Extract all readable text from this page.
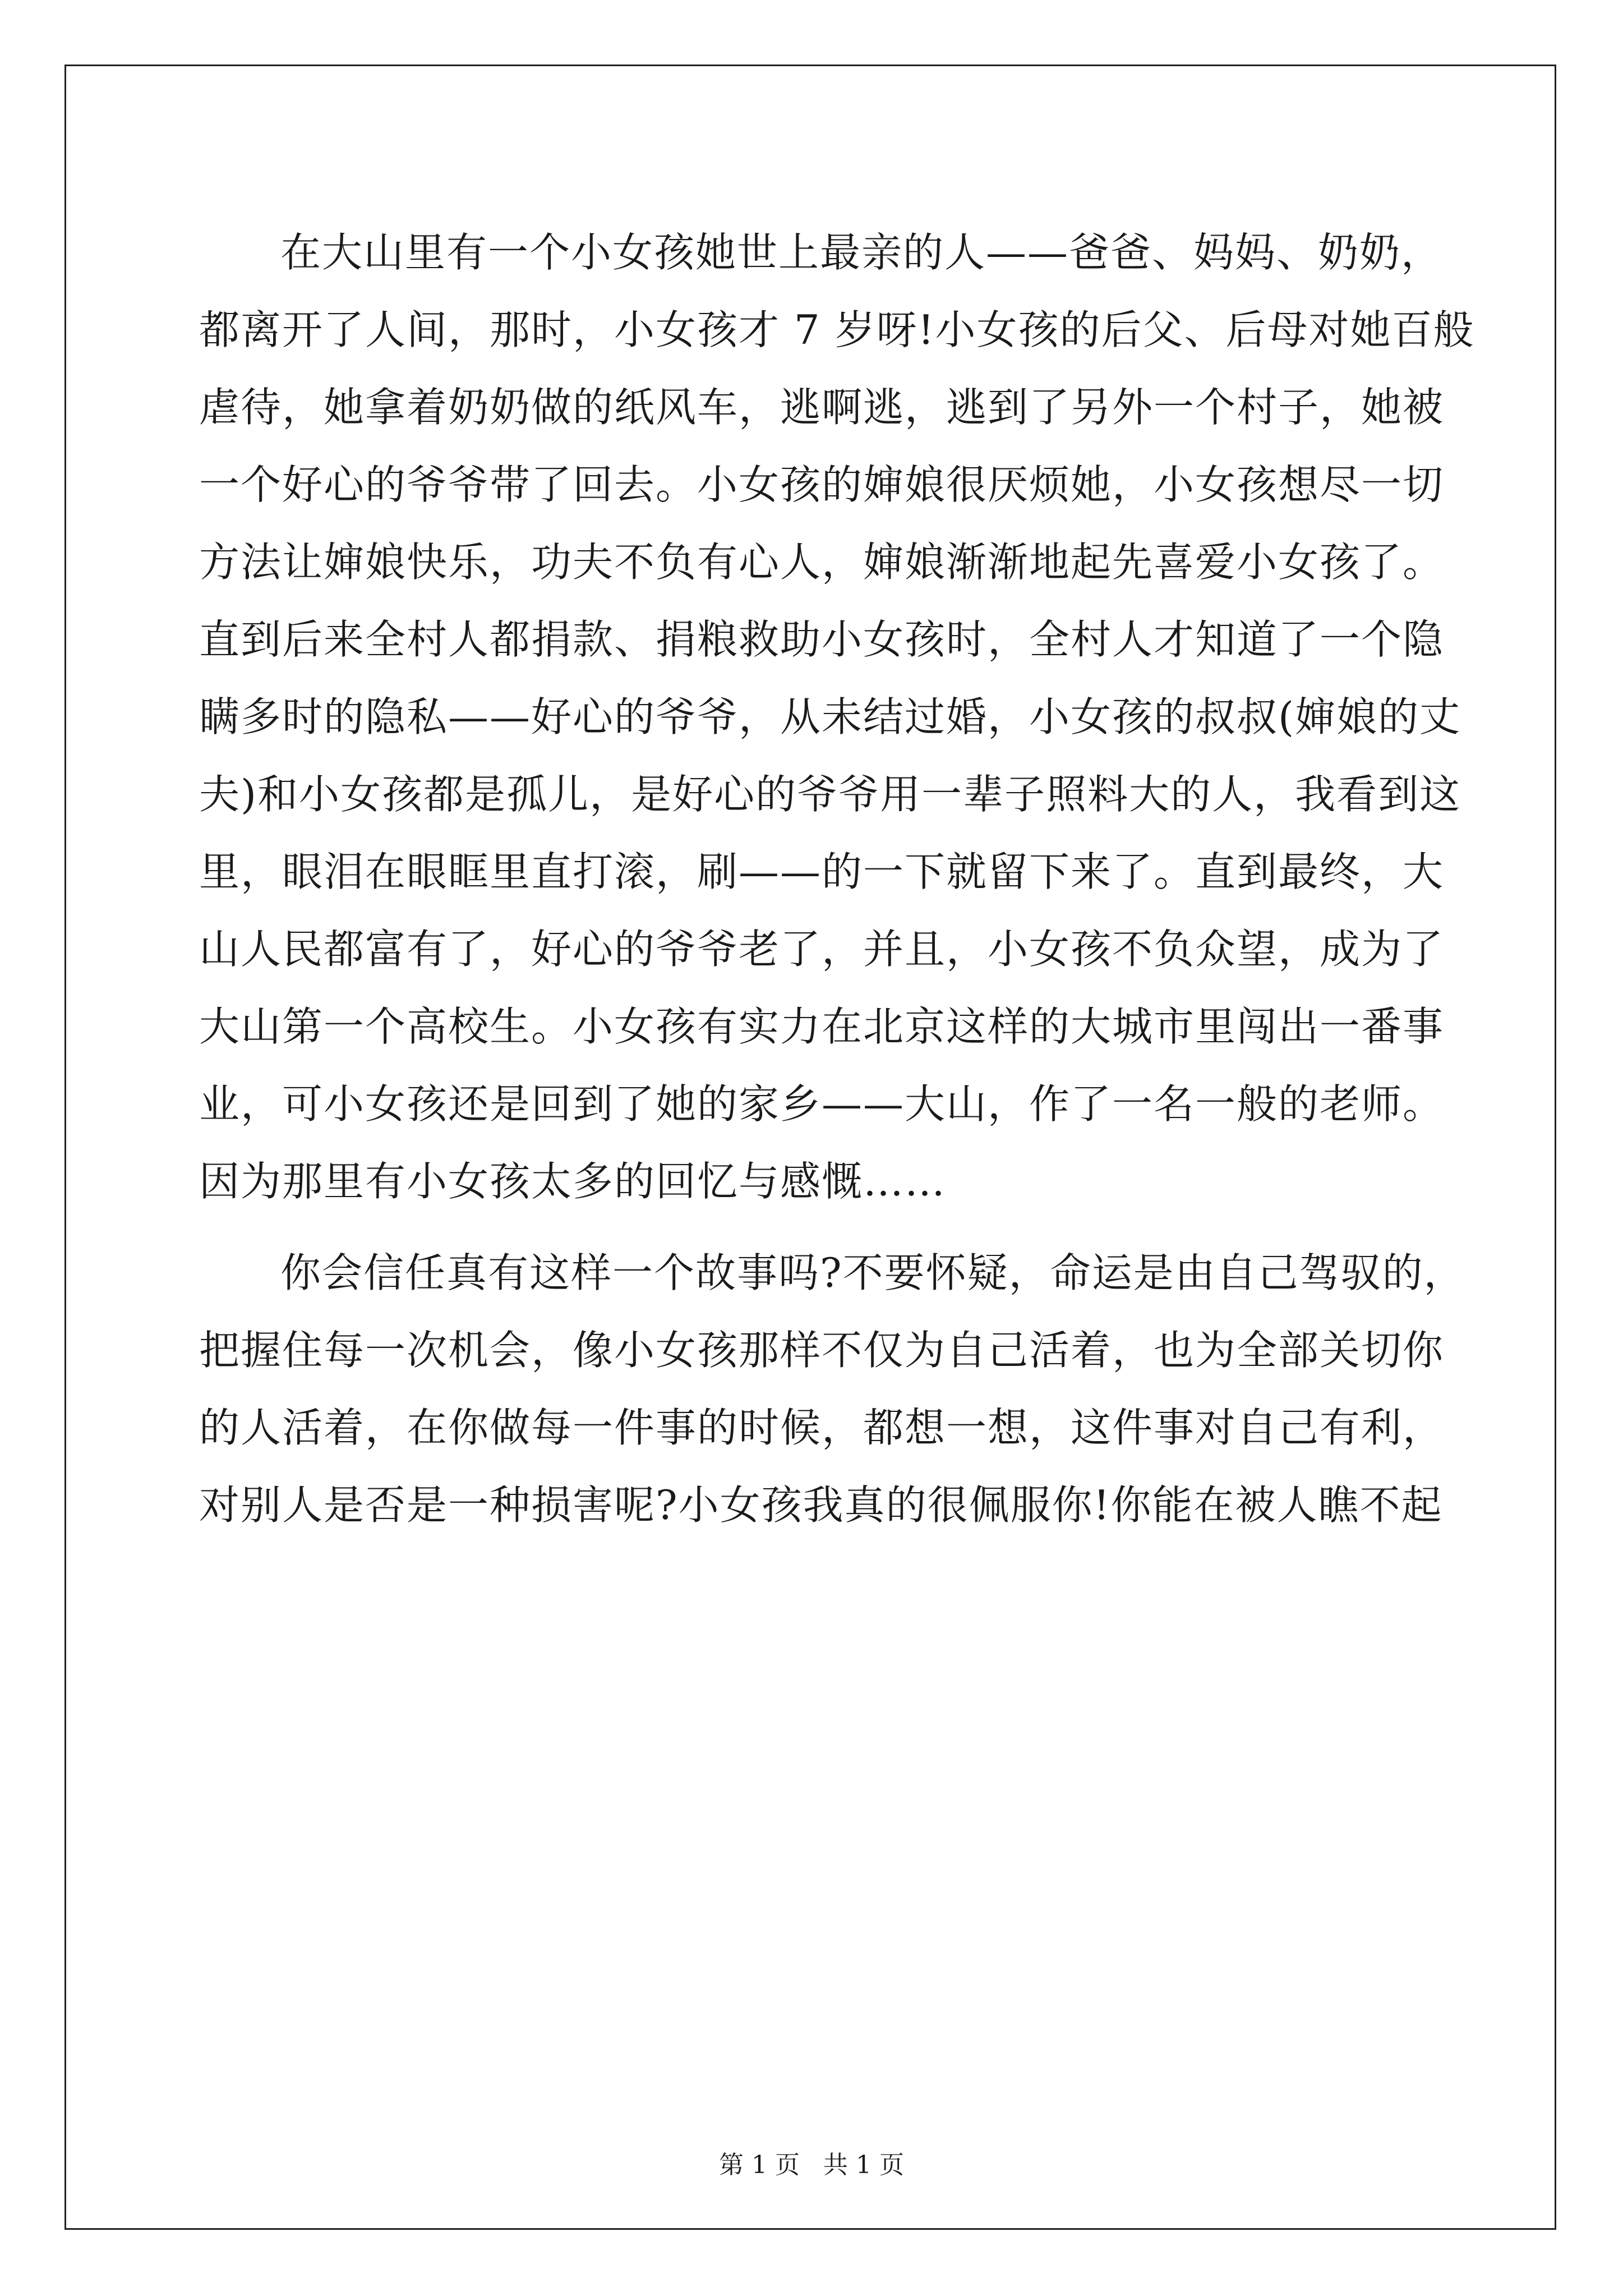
在大山里有一个小女孩她世上最亲的人——爸爸、妈妈、奶奶，
都离开了人间，那时，小女孩才 7 岁呀!小女孩的后父、后母对她百般
虐待，她拿着奶奶做的纸风车，逃啊逃，逃到了另外一个村子，她被
一个好心的爷爷带了回去。小女孩的婶娘很厌烦她，小女孩想尽一切
方法让婶娘快乐，功夫不负有心人，婶娘渐渐地起先喜爱小女孩了。
直到后来全村人都捐款、捐粮救助小女孩时，全村人才知道了一个隐
瞒多时的隐私——好心的爷爷，从未结过婚，小女孩的叔叔(婶娘的丈
夫)和小女孩都是孤儿，是好心的爷爷用一辈子照料大的人，我看到这
里，眼泪在眼眶里直打滚，刷——的一下就留下来了。直到最终，大
山人民都富有了，好心的爷爷老了，并且，小女孩不负众望，成为了
大山第一个高校生。小女孩有实力在北京这样的大城市里闯出一番事
业，可小女孩还是回到了她的家乡——大山，作了一名一般的老师。
因为那里有小女孩太多的回忆与感慨……
你会信任真有这样一个故事吗?不要怀疑，命运是由自己驾驭的，
把握住每一次机会，像小女孩那样不仅为自己活着，也为全部关切你
的人活着，在你做每一件事的时候，都想一想，这件事对自己有利，
对别人是否是一种损害呢?小女孩我真的很佩服你!你能在被人瞧不起
第 1 页 共 1 页
